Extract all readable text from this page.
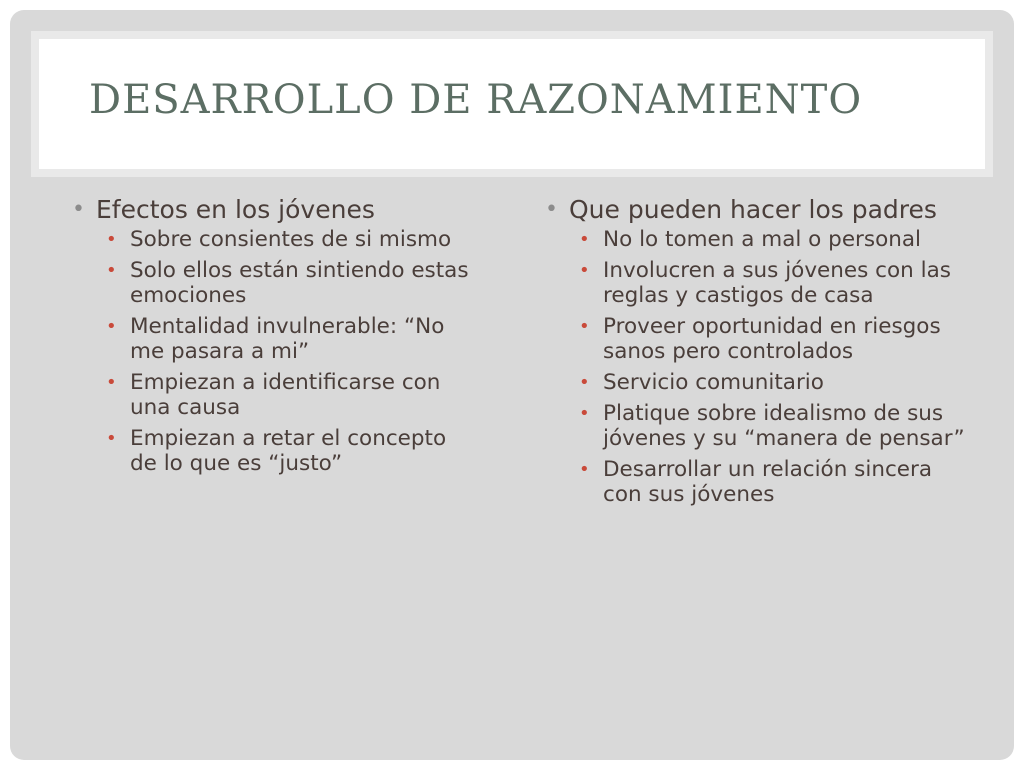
DESARROLLO DE RAZONAMIENTO

• Efectos en los jóvenes

• Sobre consientes de si mismo
• Solo ellos están sintiendo estas emociones
• Mentalidad invulnerable: “No me pasara a mi”
• Empiezan a identificarse con una causa
• Empiezan a retar el concepto de lo que es “justo”

• Que pueden hacer los padres

• No lo tomen a mal o personal
• Involucren a sus jóvenes con las reglas y castigos de casa
• Proveer oportunidad en riesgos sanos pero controlados
• Servicio comunitario
• Platique sobre idealismo de sus jóvenes y su “manera de pensar”
• Desarrollar un relación sincera con sus jóvenes
